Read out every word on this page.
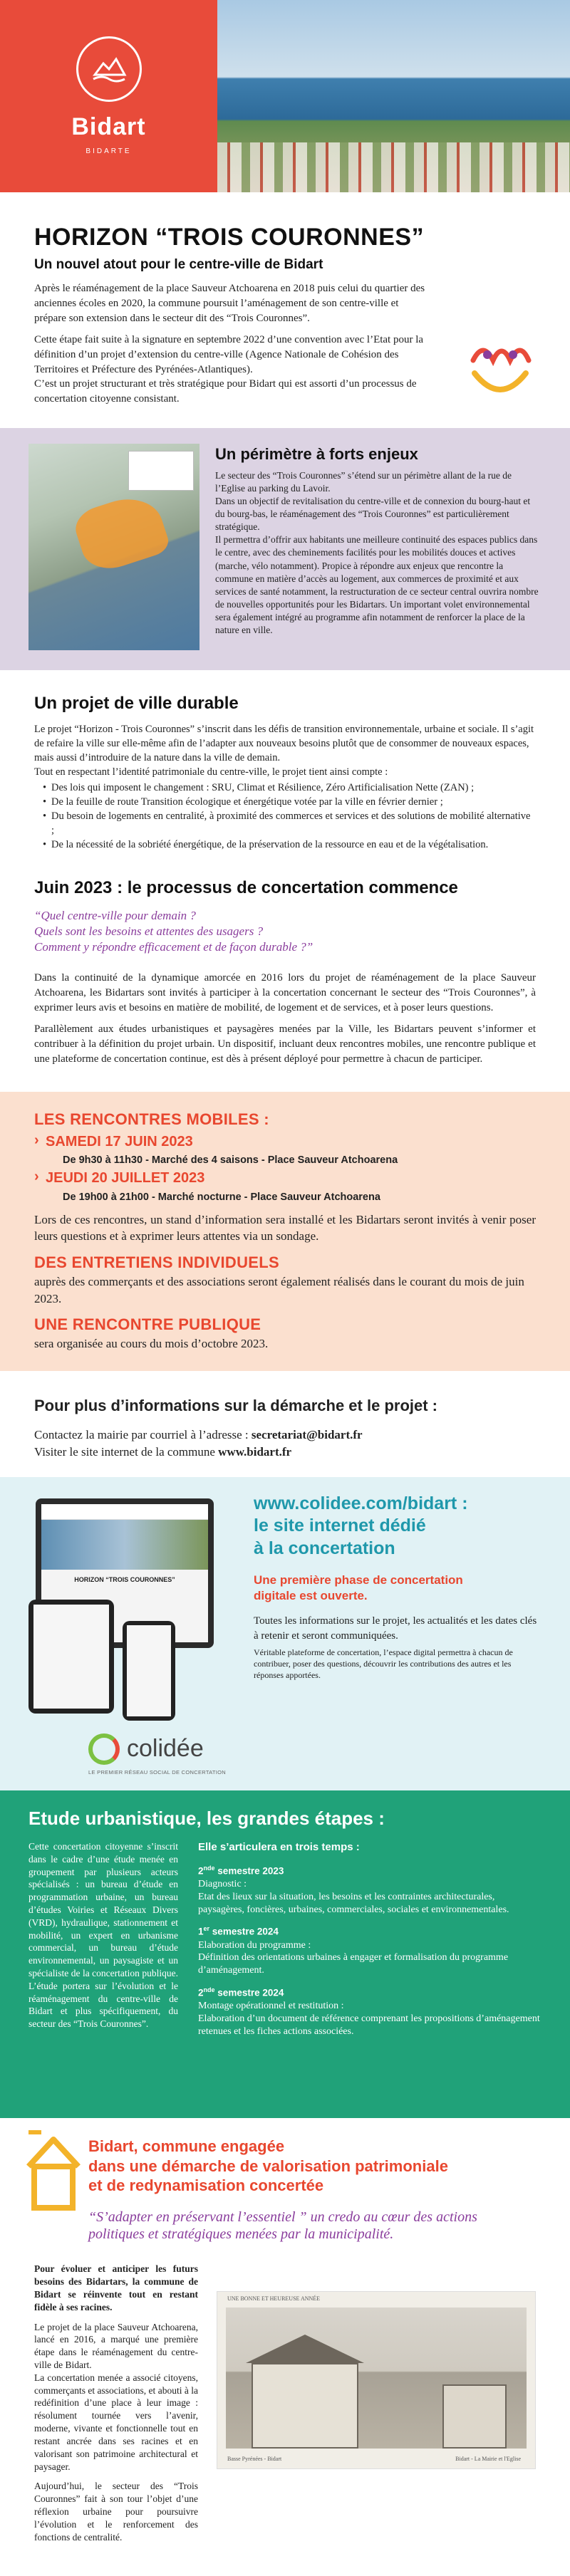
Bidart
BIDARTE
HORIZON “TROIS COURONNES”
Un nouvel atout pour le centre-ville de Bidart

Après le réaménagement de la place Sauveur Atchoarena en 2018 puis celui du quartier des anciennes écoles en 2020, la commune poursuit l’aménagement de son centre-ville et prépare son extension dans le secteur dit des “Trois Couronnes”.

Cette étape fait suite à la signature en septembre 2022 d’une convention avec l’Etat pour la définition d’un projet d’extension du centre-ville (Agence Nationale de Cohésion des Territoires et Préfecture des Pyrénées-Atlantiques).

C’est un projet structurant et très stratégique pour Bidart qui est assorti d’un processus de concertation citoyenne consistant.

Un périmètre à forts enjeux

Le secteur des “Trois Couronnes” s’étend sur un périmètre allant de la rue de l’Eglise au parking du Lavoir.

Dans un objectif de revitalisation du centre-ville et de connexion du bourg-haut et du bourg-bas, le réaménagement des “Trois Couronnes” est particulièrement stratégique.

Il permettra d’offrir aux habitants une meilleure continuité des espaces publics dans le centre, avec des cheminements facilités pour les mobilités douces et actives (marche, vélo notamment). Propice à répondre aux enjeux que rencontre la commune en matière d’accès au logement, aux commerces de proximité et aux services de santé notamment, la restructuration de ce secteur central ouvrira nombre de nouvelles opportunités pour les Bidartars. Un important volet environnemental sera également intégré au programme afin notamment de renforcer la place de la nature en ville.

Un projet de ville durable

Le projet “Horizon - Trois Couronnes” s’inscrit dans les défis de transition environnementale, urbaine et sociale. Il s’agit de refaire la ville sur elle-même afin de l’adapter aux nouveaux besoins plutôt que de consommer de nouveaux espaces, mais aussi d’introduire de la nature dans la ville de demain.

Tout en respectant l’identité patrimoniale du centre-ville, le projet tient ainsi compte :

• Des lois qui imposent le changement : SRU, Climat et Résilience, Zéro Artificialisation Nette (ZAN) ;
• De la feuille de route Transition écologique et énergétique votée par la ville en février dernier ;
• Du besoin de logements en centralité, à proximité des commerces et services et des solutions de mobilité alternative ;
• De la nécessité de la sobriété énergétique, de la préservation de la ressource en eau et de la végétalisation.
Juin 2023 : le processus de concertation commence
“Quel centre-ville pour demain ?
Quels sont les besoins et attentes des usagers ?
Comment y répondre efficacement et de façon durable ?”

Dans la continuité de la dynamique amorcée en 2016 lors du projet de réaménagement de la place Sauveur Atchoarena, les Bidartars sont invités à participer à la concertation concernant le secteur des “Trois Couronnes”, à exprimer leurs avis et besoins en matière de mobilité, de logement et de services, et à poser leurs questions.

Parallèlement aux études urbanistiques et paysagères menées par la Ville, les Bidartars peuvent s’informer et contribuer à la définition du projet urbain. Un dispositif, incluant deux rencontres mobiles, une rencontre publique et une plateforme de concertation continue, est dès à présent déployé pour permettre à chacun de participer.

LES RENCONTRES MOBILES :
› SAMEDI 17 JUIN 2023
De 9h30 à 11h30 - Marché des 4 saisons - Place Sauveur Atchoarena
› JEUDI 20 JUILLET 2023
De 19h00 à 21h00 - Marché nocturne - Place Sauveur Atchoarena

Lors de ces rencontres, un stand d’information sera installé et les Bidartars seront invités à venir poser leurs questions et à exprimer leurs attentes via un sondage.

DES ENTRETIENS INDIVIDUELS

auprès des commerçants et des associations seront également réalisés dans le courant du mois de juin 2023.

UNE RENCONTRE PUBLIQUE

sera organisée au cours du mois d’octobre 2023.

Pour plus d’informations sur la démarche et le projet :

Contactez la mairie par courriel à l’adresse : secretariat@bidart.fr

Visiter le site internet de la commune www.bidart.fr

HORIZON “TROIS COURONNES”
colidée
LE PREMIER RÉSEAU SOCIAL DE CONCERTATION
www.colidee.com/bidart :
le site internet dédié
à la concertation
Une première phase de concertation
digitale est ouverte.

Toutes les informations sur le projet, les actualités et les dates clés à retenir et seront communiquées.

Véritable plateforme de concertation, l’espace digital permettra à chacun de contribuer, poser des questions, découvrir les contributions des autres et les réponses apportées.

Etude urbanistique, les grandes étapes :
Cette concertation citoyenne s’inscrit dans le cadre d’une étude menée en groupement par plusieurs acteurs spécialisés : un bureau d’étude en programmation urbaine, un bureau d’études Voiries et Réseaux Divers (VRD), hydraulique, stationnement et mobilité, un expert en urbanisme commercial, un bureau d’étude environnemental, un paysagiste et un spécialiste de la concertation publique. L’étude portera sur l’évolution et le réaménagement du centre-ville de Bidart et plus spécifiquement, du secteur des “Trois Couronnes”.
Elle s’articulera en trois temps :
2nde semestre 2023
Diagnostic :
Etat des lieux sur la situation, les besoins et les contraintes architecturales, paysagères, foncières, urbaines, commerciales, sociales et environnementales.
1er semestre 2024
Elaboration du programme :
Définition des orientations urbaines à engager et formalisation du programme d’aménagement.
2nde semestre 2024
Montage opérationnel et restitution :
Elaboration d’un document de référence comprenant les propositions d’aménagement retenues et les fiches actions associées.
Bidart, commune engagée
dans une démarche de valorisation patrimoniale
et de redynamisation concertée
“S’adapter en préservant l’essentiel ” un credo au cœur des actions politiques et stratégiques menées par la municipalité.

Pour évoluer et anticiper les futurs besoins des Bidartars, la commune de Bidart se réinvente tout en restant fidèle à ses racines.

Le projet de la place Sauveur Atchoarena, lancé en 2016, a marqué une première étape dans le réaménagement du centre-ville de Bidart.

La concertation menée a associé citoyens, commerçants et associations, et abouti à la redéfinition d’une place à leur image : résolument tournée vers l’avenir, moderne, vivante et fonctionnelle tout en restant ancrée dans ses racines et en valorisant son patrimoine architectural et paysager.

Aujourd’hui, le secteur des “Trois Couronnes” fait à son tour l’objet d’une réflexion urbaine pour poursuivre l’évolution et le renforcement des fonctions de centralité.

UNE BONNE ET HEUREUSE ANNÉE
Basse Pyrénées - Bidart	Bidart - La Mairie et l'Eglise
